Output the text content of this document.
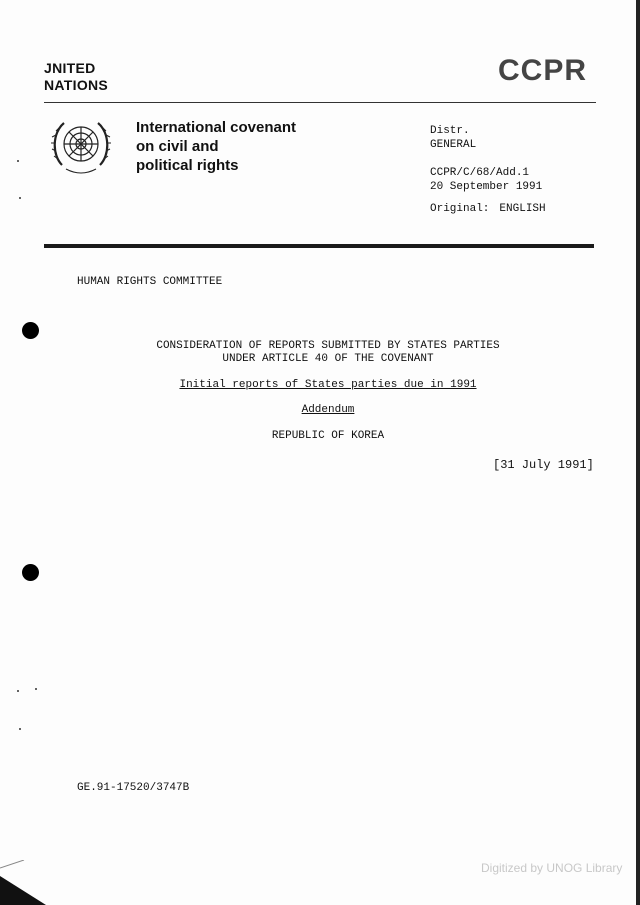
JNITED
NATIONS	CCPR
International covenant
on civil and
political rights
Distr.
GENERAL
CCPR/C/68/Add.1
20 September 1991
Original: ENGLISH
HUMAN RIGHTS COMMITTEE
CONSIDERATION OF REPORTS SUBMITTED BY STATES PARTIES
UNDER ARTICLE 40 OF THE COVENANT
Initial reports of States parties due in 1991
Addendum
REPUBLIC OF KOREA
[31 July 1991]
GE.91-17520/3747B
Digitized by UNOG Library
